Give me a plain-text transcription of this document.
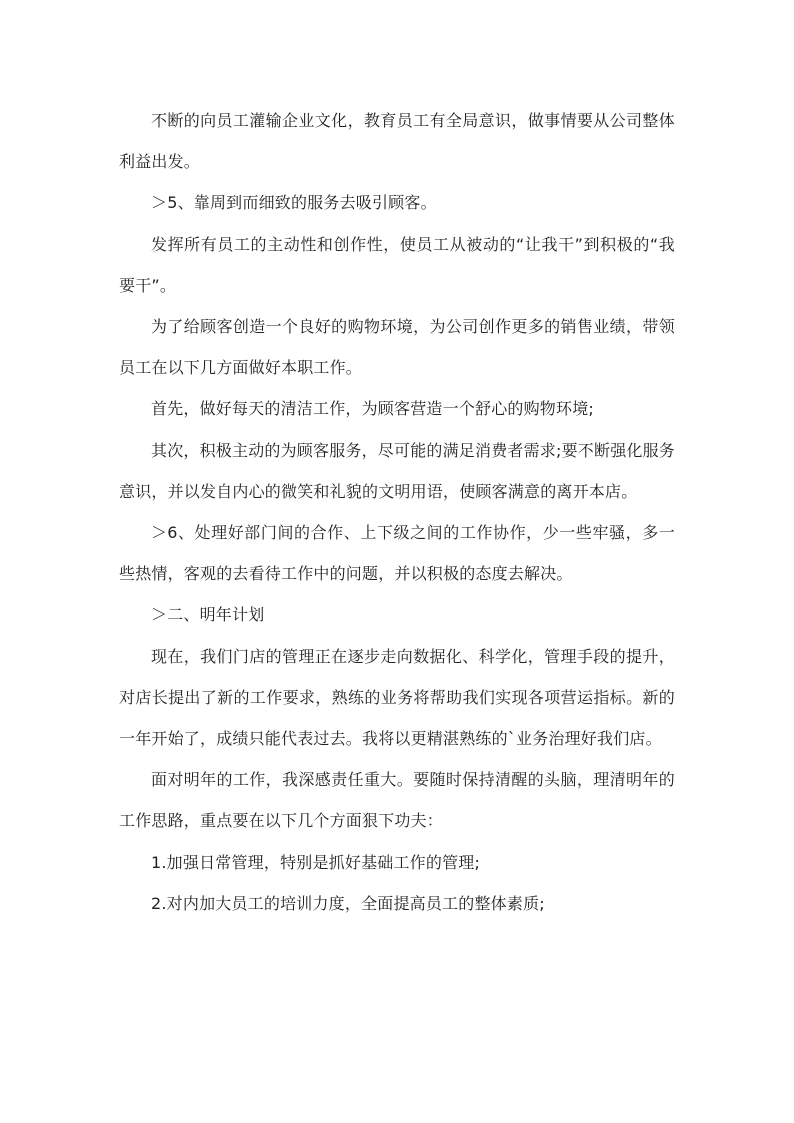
不断的向员工灌输企业文化，教育员工有全局意识，做事情要从公司整体利益出发。

＞5、靠周到而细致的服务去吸引顾客。

发挥所有员工的主动性和创作性，使员工从被动的“让我干”到积极的“我要干”。

为了给顾客创造一个良好的购物环境，为公司创作更多的销售业绩，带领员工在以下几方面做好本职工作。

首先，做好每天的清洁工作，为顾客营造一个舒心的购物环境;

其次，积极主动的为顾客服务，尽可能的满足消费者需求;要不断强化服务意识，并以发自内心的微笑和礼貌的文明用语，使顾客满意的离开本店。

＞6、处理好部门间的合作、上下级之间的工作协作，少一些牢骚，多一些热情，客观的去看待工作中的问题，并以积极的态度去解决。

＞二、明年计划

现在，我们门店的管理正在逐步走向数据化、科学化，管理手段的提升，对店长提出了新的工作要求，熟练的业务将帮助我们实现各项营运指标。新的一年开始了，成绩只能代表过去。我将以更精湛熟练的`业务治理好我们店。

面对明年的工作，我深感责任重大。要随时保持清醒的头脑，理清明年的工作思路，重点要在以下几个方面狠下功夫：

1.加强日常管理，特别是抓好基础工作的管理;

2.对内加大员工的培训力度，全面提高员工的整体素质;
